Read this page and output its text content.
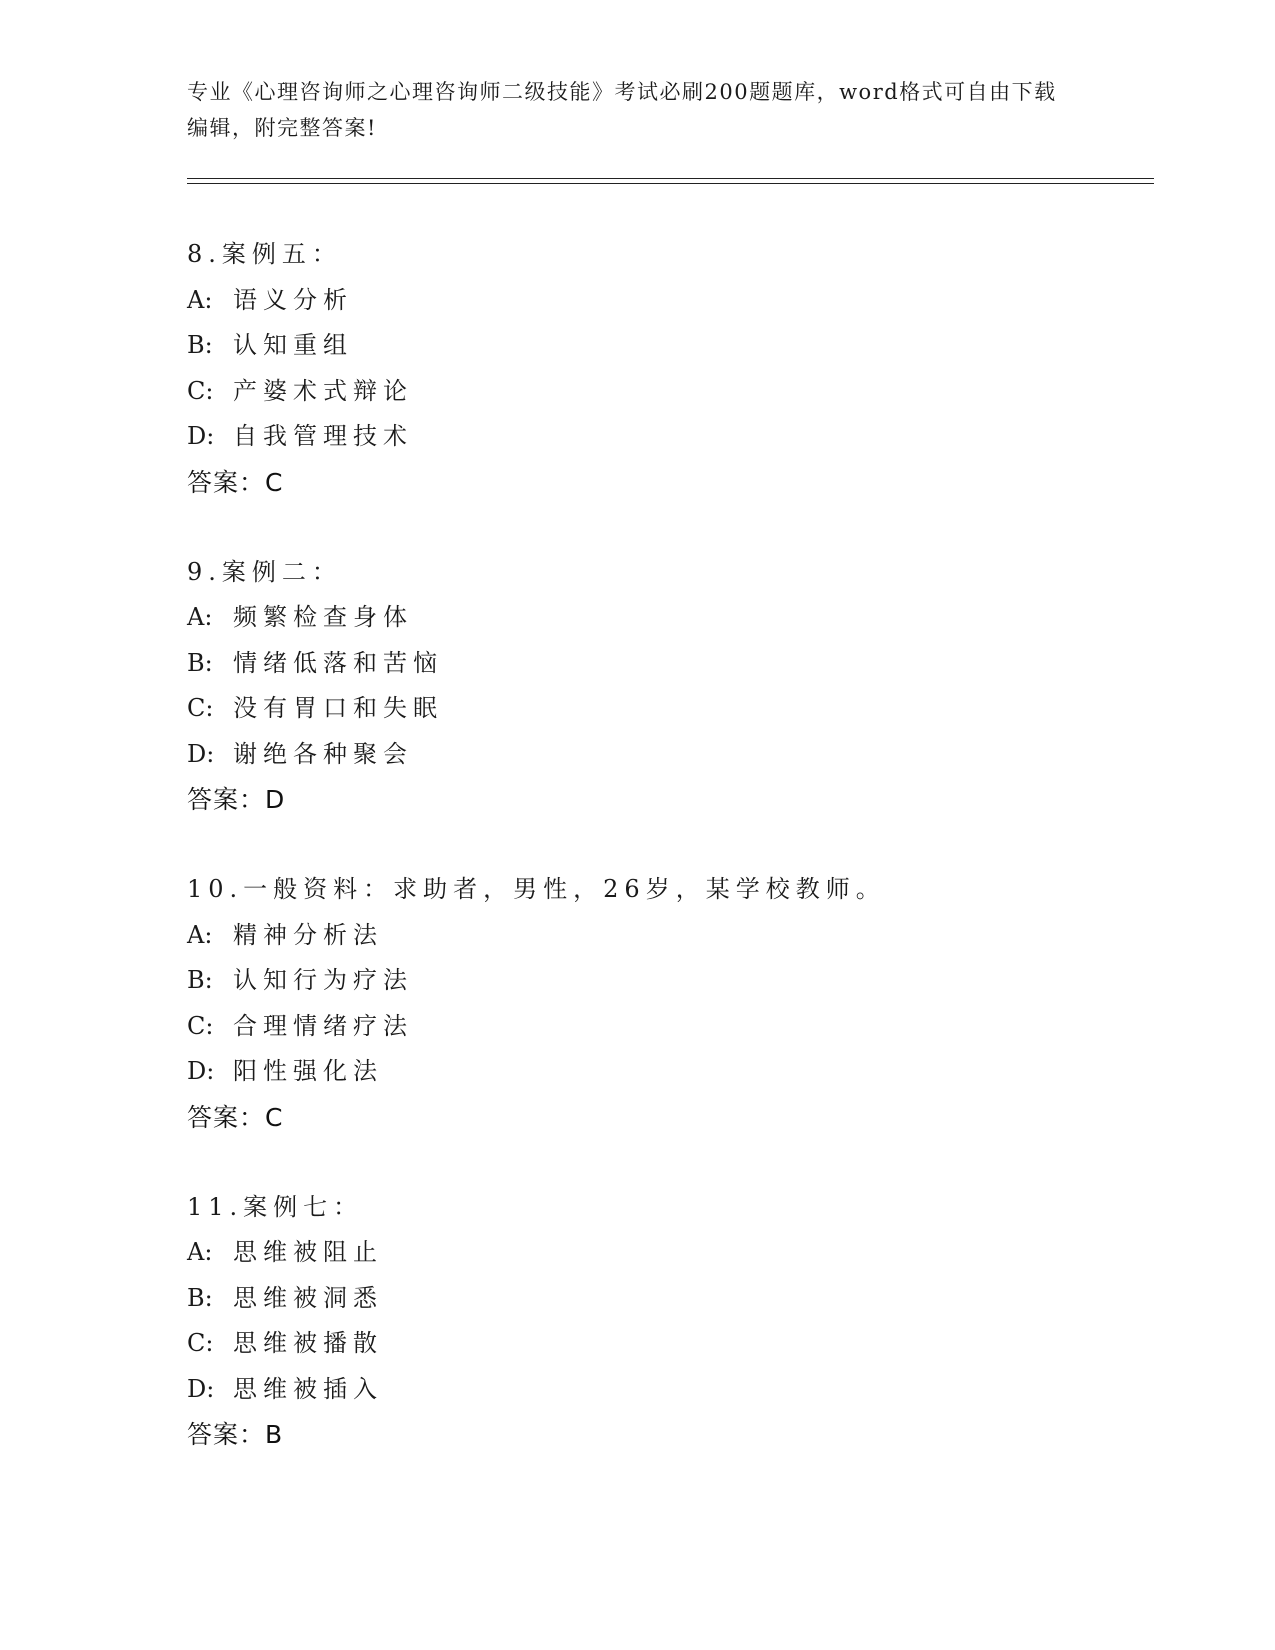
专业《心理咨询师之心理咨询师二级技能》考试必刷200题题库，word格式可自由下载编辑，附完整答案!
8.案例五：
A: 语义分析
B: 认知重组
C: 产婆术式辩论
D: 自我管理技术
答案：C
9.案例二：
A: 频繁检查身体
B: 情绪低落和苦恼
C: 没有胃口和失眠
D: 谢绝各种聚会
答案：D
10.一般资料：求助者，男性，26岁，某学校教师。
A: 精神分析法
B: 认知行为疗法
C: 合理情绪疗法
D: 阳性强化法
答案：C
11.案例七：
A: 思维被阻止
B: 思维被洞悉
C: 思维被播散
D: 思维被插入
答案：B
